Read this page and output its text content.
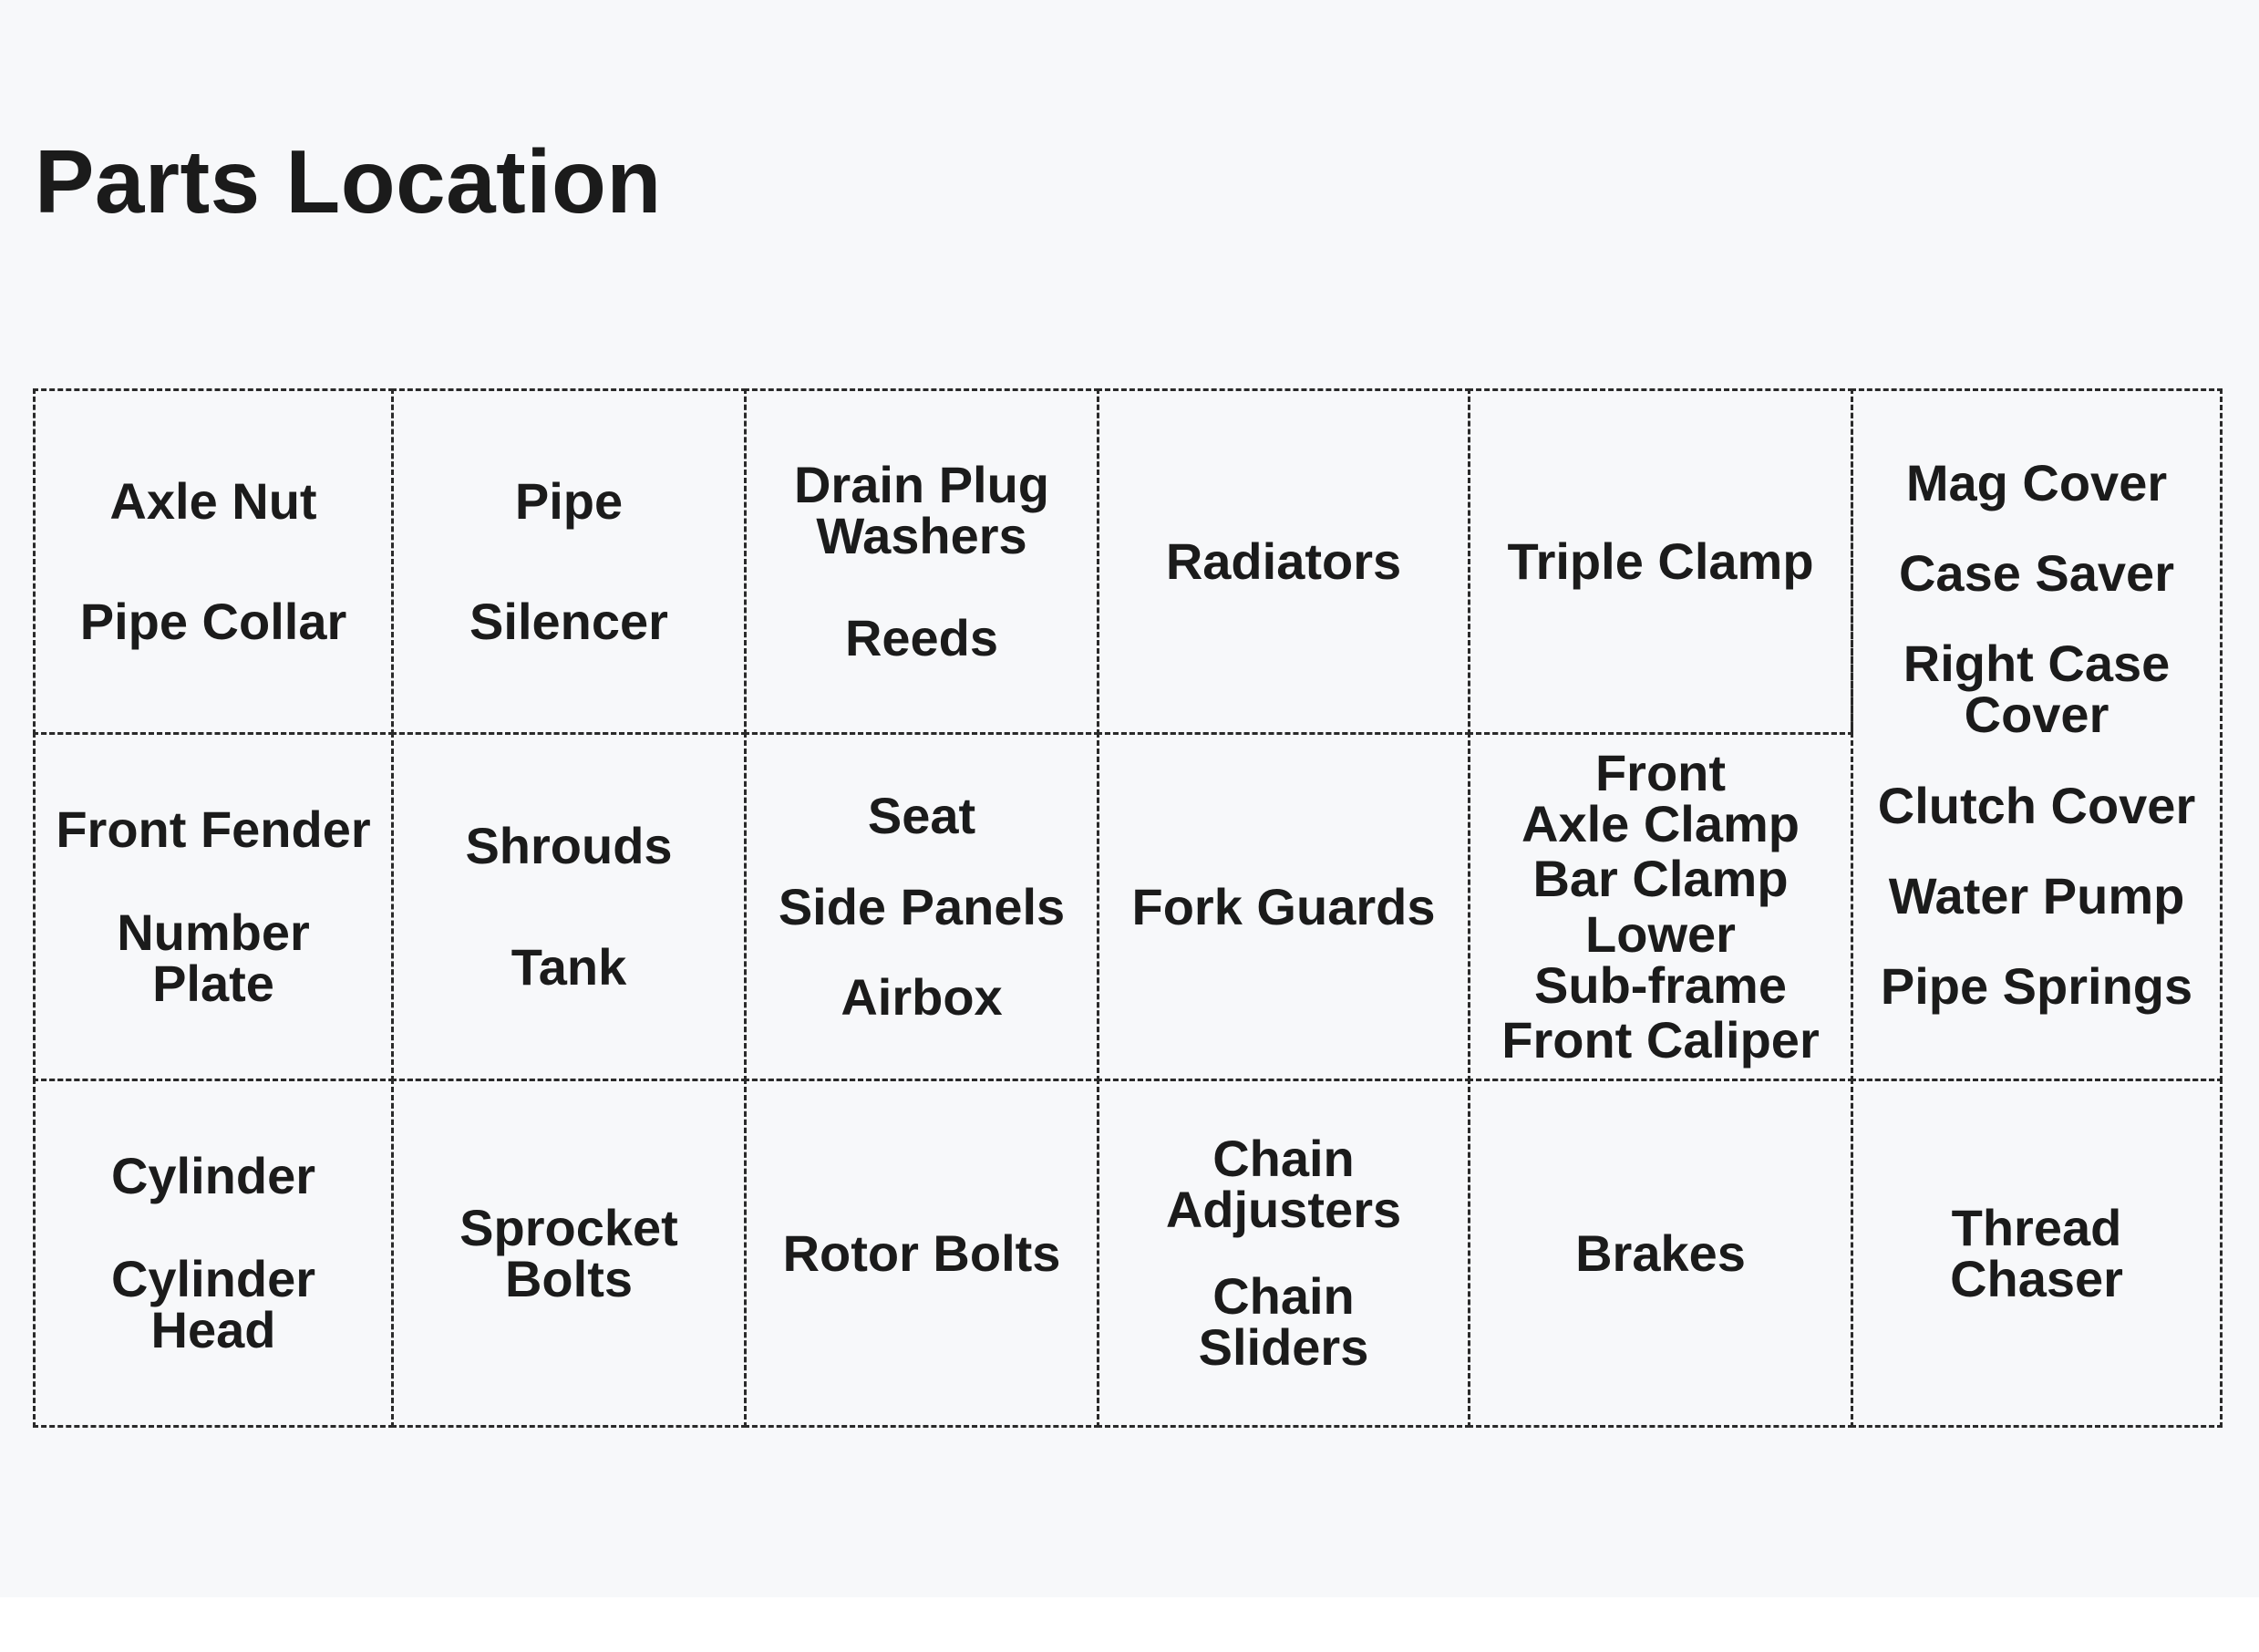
Parts Location
Axle Nut
Pipe Collar
Pipe
Silencer
Drain Plug
Washers
Reeds
Radiators Triple Clamp
Mag Cover
Case Saver
Right Case
Cover
Clutch Cover
Water Pump
Pipe Springs
Front Fender
Number
Plate
Shrouds
Tank
Seat
Side Panels
Airbox
Fork Guards
Front
Axle Clamp
Bar Clamp
Lower
Sub-frame
Front Caliper
Cylinder
Cylinder Head
Sprocket
Bolts	Rotor Bolts
Chain
Adjusters
Chain
Sliders
Brakes	Thread
Chaser
